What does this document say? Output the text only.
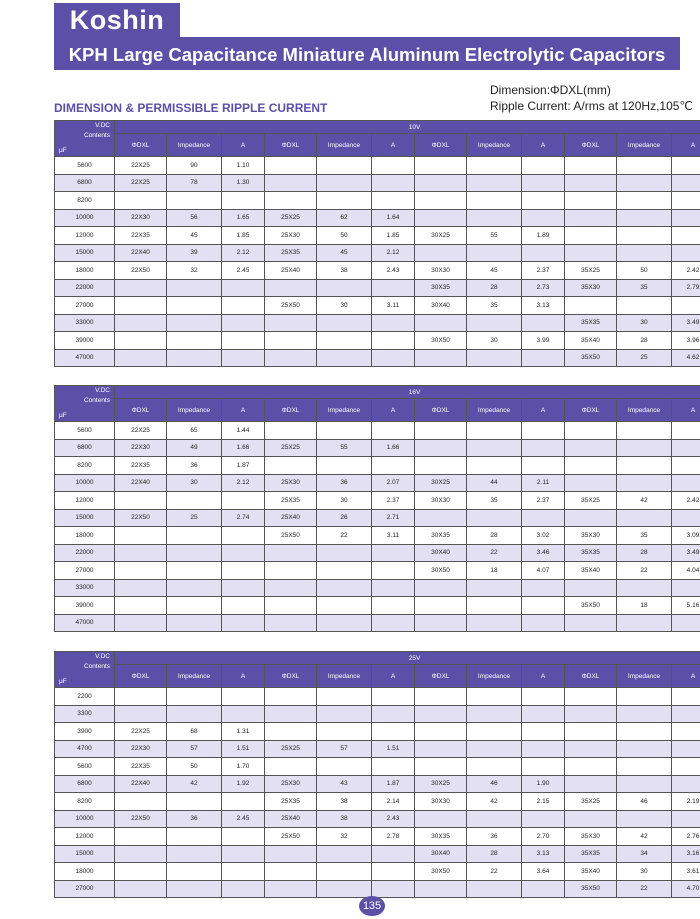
Koshin
KPH Large Capacitance Miniature Aluminum Electrolytic Capacitors
Dimension:ΦDXL(mm)
DIMENSION & PERMISSIBLE RIPPLE CURRENT	Ripple Current: A/rms at 120Hz,105℃
V.DC
Contents
μF	10V											
	ΦDXL	Impedance	A	ΦDXL	Impedance	A	ΦDXL	Impedance	A	ΦDXL	Impedance	A
5600	22X25	90	1.10									
6800	22X25	78	1.30									
8200												
10000	22X30	56	1.65	25X25	62	1.64						
12000	22X35	45	1.85	25X30	50	1.85	30X25	55	1.89			
15000	22X40	39	2.12	25X35	45	2.12						
18000	22X50	32	2.45	25X40	38	2.43	30X30	45	2.37	35X25	50	2.42
22000							30X35	28	2.73	35X30	35	2.79
27000				25X50	30	3.11	30X40	35	3.13			
33000										35X35	30	3.49
39000							30X50	30	3.99	35X40	28	3.96
47000										35X50	25	4.62
V.DC
Contents
μF	16V											
	ΦDXL	Impedance	A	ΦDXL	Impedance	A	ΦDXL	Impedance	A	ΦDXL	Impedance	A
5600	22X25	65	1.44									
6800	22X30	49	1.66	25X25	55	1.66						
8200	22X35	36	1.87									
10000	22X40	30	2.12	25X30	36	2.07	30X25	44	2.11			
12000				25X35	30	2.37	30X30	35	2.37	35X25	42	2.42
15000	22X50	25	2.74	25X40	26	2.71						
18000				25X50	22	3.11	30X35	28	3.02	35X30	35	3.09
22000							30X40	22	3.46	35X35	28	3.49
27000							30X50	18	4.07	35X40	22	4.04
33000												
39000										35X50	18	5.16
47000												
V.DC
Contents
μF	25V											
	ΦDXL	Impedance	A	ΦDXL	Impedance	A	ΦDXL	Impedance	A	ΦDXL	Impedance	A
2200												
3300												
3900	22X25	68	1.31									
4700	22X30	57	1.51	25X25	57	1.51						
5600	22X35	50	1.70									
6800	22X40	42	1.92	25X30	43	1.87	30X25	46	1.90			
8200				25X35	38	2.14	30X30	42	2.15	35X25	46	2.19
10000	22X50	36	2.45	25X40	38	2.43						
12000				25X50	32	2.78	30X35	36	2.70	35X30	42	2.76
15000							30X40	28	3.13	35X35	34	3.16
18000							30X50	22	3.64	35X40	30	3.61
27000										35X50	22	4.70
135
